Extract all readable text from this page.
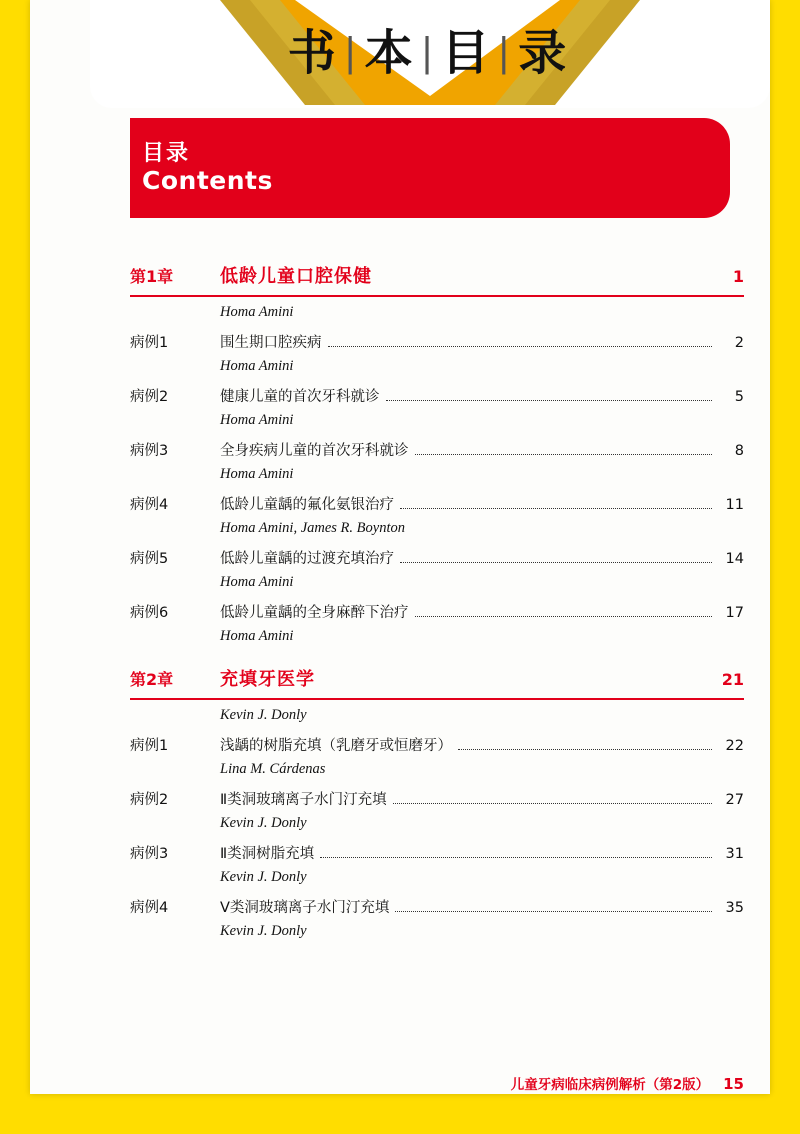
书|本|目|录
目录
Contents
第1章	低龄儿童口腔保健	1
Homa Amini
病例1	围生期口腔疾病	2
Homa Amini
病例2	健康儿童的首次牙科就诊	5
Homa Amini
病例3	全身疾病儿童的首次牙科就诊	8
Homa Amini
病例4	低龄儿童龋的氟化氨银治疗	11
Homa Amini, James R. Boynton
病例5	低龄儿童龋的过渡充填治疗	14
Homa Amini
病例6	低龄儿童龋的全身麻醉下治疗	17
Homa Amini
第2章	充填牙医学	21
Kevin J. Donly
病例1	浅龋的树脂充填（乳磨牙或恒磨牙）	22
Lina M. Cárdenas
病例2	Ⅱ类洞玻璃离子水门汀充填	27
Kevin J. Donly
病例3	Ⅱ类洞树脂充填	31
Kevin J. Donly
病例4	Ⅴ类洞玻璃离子水门汀充填	35
Kevin J. Donly
儿童牙病临床病例解析（第2版） 15
